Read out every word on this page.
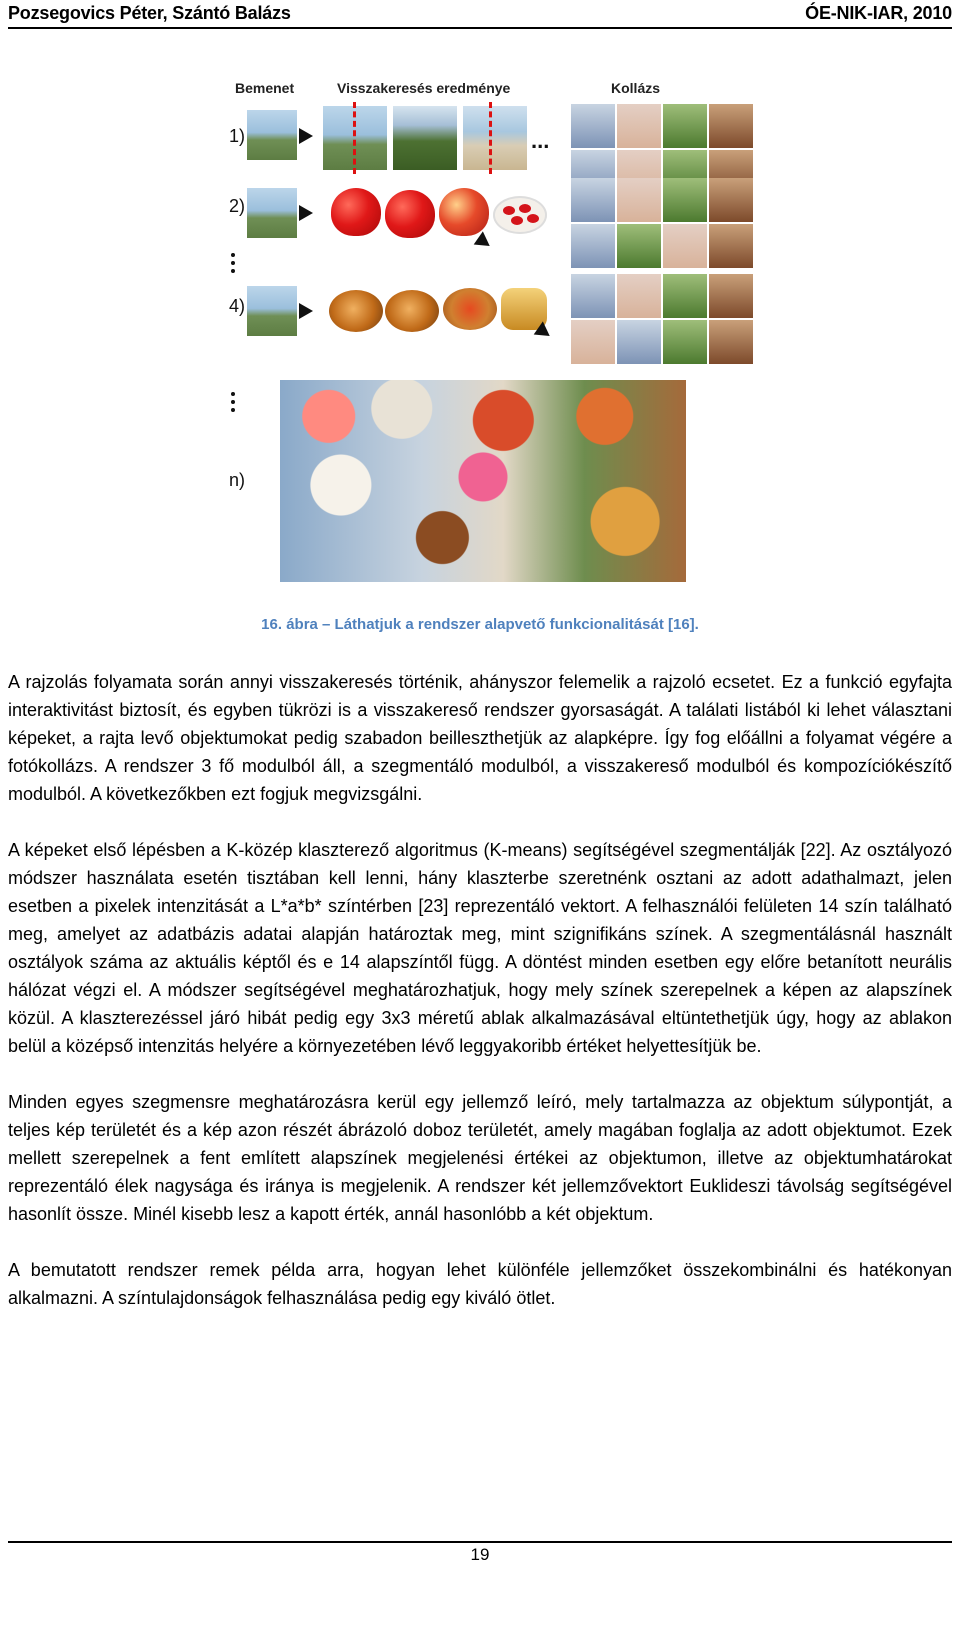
Pozsegovics Péter, Szántó Balázs	ÓE-NIK-IAR, 2010
Bemenet	Visszakeresés eredménye	Kollázs
1)
2)
4)
n)
...
16. ábra – Láthatjuk a rendszer alapvető funkcionalitását [16].

A rajzolás folyamata során annyi visszakeresés történik, ahányszor felemelik a rajzoló ecsetet. Ez a funkció egyfajta interaktivitást biztosít, és egyben tükrözi is a visszakereső rendszer gyorsaságát. A találati listából ki lehet választani képeket, a rajta levő objektumokat pedig szabadon beilleszthetjük az alapképre. Így fog előállni a folyamat végére a fotókollázs. A rendszer 3 fő modulból áll, a szegmentáló modulból, a visszakereső modulból és kompozíciókészítő modulból. A következőkben ezt fogjuk megvizsgálni.

A képeket első lépésben a K-közép klaszterező algoritmus (K-means) segítségével szegmentálják [22]. Az osztályozó módszer használata esetén tisztában kell lenni, hány klaszterbe szeretnénk osztani az adott adathalmazt, jelen esetben a pixelek intenzitását a L*a*b* színtérben [23] reprezentáló vektort. A felhasználói felületen 14 szín található meg, amelyet az adatbázis adatai alapján határoztak meg, mint szignifikáns színek. A szegmentálásnál használt osztályok száma az aktuális képtől és e 14 alapszíntől függ. A döntést minden esetben egy előre betanított neurális hálózat végzi el. A módszer segítségével meghatározhatjuk, hogy mely színek szerepelnek a képen az alapszínek közül. A klaszterezéssel járó hibát pedig egy 3x3 méretű ablak alkalmazásával eltüntethetjük úgy, hogy az ablakon belül a középső intenzitás helyére a környezetében lévő leggyakoribb értéket helyettesítjük be.

Minden egyes szegmensre meghatározásra kerül egy jellemző leíró, mely tartalmazza az objektum súlypontját, a teljes kép területét és a kép azon részét ábrázoló doboz területét, amely magában foglalja az adott objektumot. Ezek mellett szerepelnek a fent említett alapszínek megjelenési értékei az objektumon, illetve az objektumhatárokat reprezentáló élek nagysága és iránya is megjelenik. A rendszer két jellemzővektort Euklideszi távolság segítségével hasonlít össze. Minél kisebb lesz a kapott érték, annál hasonlóbb a két objektum.

A bemutatott rendszer remek példa arra, hogyan lehet különféle jellemzőket összekombinálni és hatékonyan alkalmazni. A színtulajdonságok felhasználása pedig egy kiváló ötlet.

19
